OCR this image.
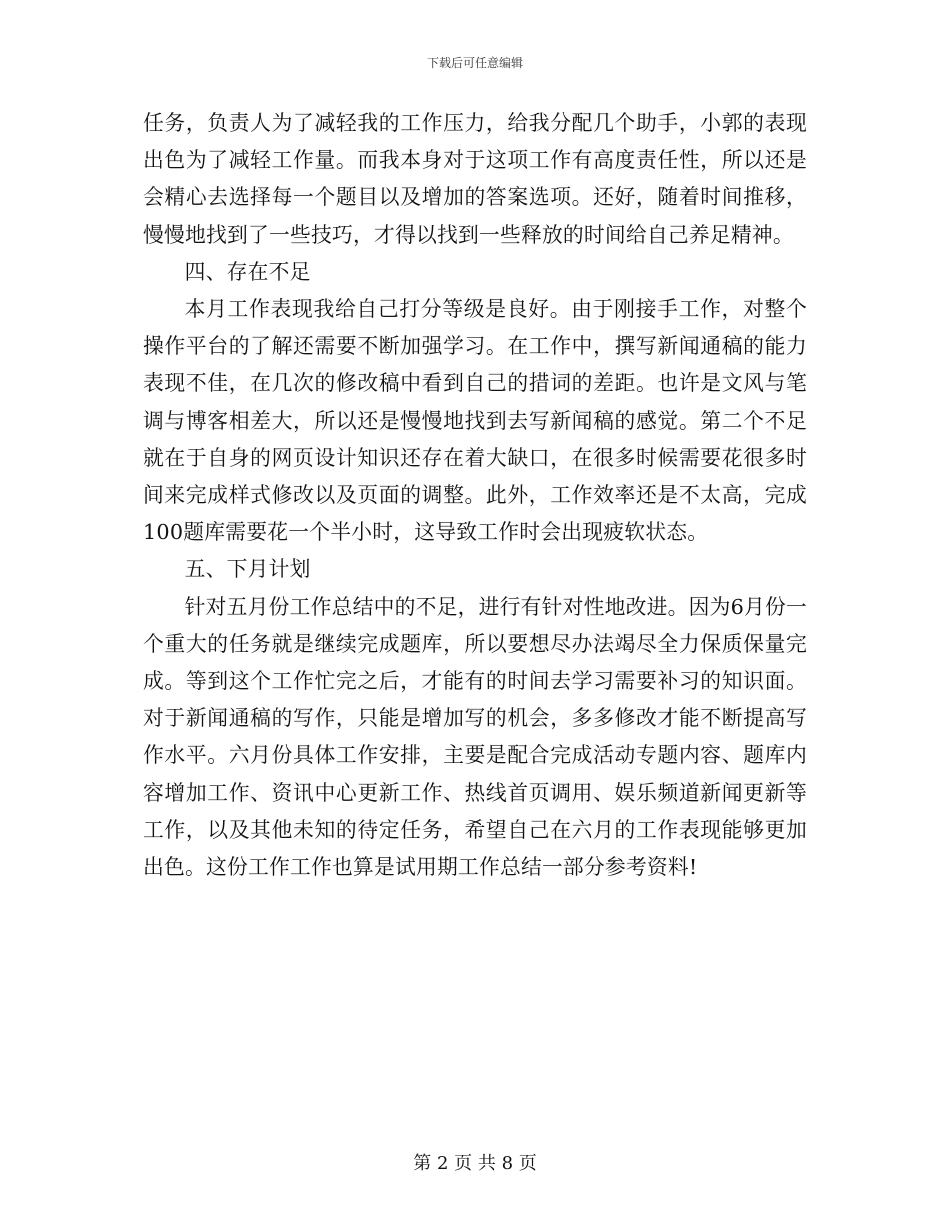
下载后可任意编辑

任务，负责人为了减轻我的工作压力，给我分配几个助手，小郭的表现出色为了减轻工作量。而我本身对于这项工作有高度责任性，所以还是会精心去选择每一个题目以及增加的答案选项。还好，随着时间推移，慢慢地找到了一些技巧，才得以找到一些释放的时间给自己养足精神。

四、存在不足

本月工作表现我给自己打分等级是良好。由于刚接手工作，对整个操作平台的了解还需要不断加强学习。在工作中，撰写新闻通稿的能力表现不佳，在几次的修改稿中看到自己的措词的差距。也许是文风与笔调与博客相差大，所以还是慢慢地找到去写新闻稿的感觉。第二个不足就在于自身的网页设计知识还存在着大缺口，在很多时候需要花很多时间来完成样式修改以及页面的调整。此外，工作效率还是不太高，完成100题库需要花一个半小时，这导致工作时会出现疲软状态。

五、下月计划

针对五月份工作总结中的不足，进行有针对性地改进。因为6月份一个重大的任务就是继续完成题库，所以要想尽办法竭尽全力保质保量完成。等到这个工作忙完之后，才能有的时间去学习需要补习的知识面。对于新闻通稿的写作，只能是增加写的机会，多多修改才能不断提高写作水平。六月份具体工作安排，主要是配合完成活动专题内容、题库内容增加工作、资讯中心更新工作、热线首页调用、娱乐频道新闻更新等工作，以及其他未知的待定任务，希望自己在六月的工作表现能够更加出色。这份工作工作也算是试用期工作总结一部分参考资料!

第 2 页 共 8 页
